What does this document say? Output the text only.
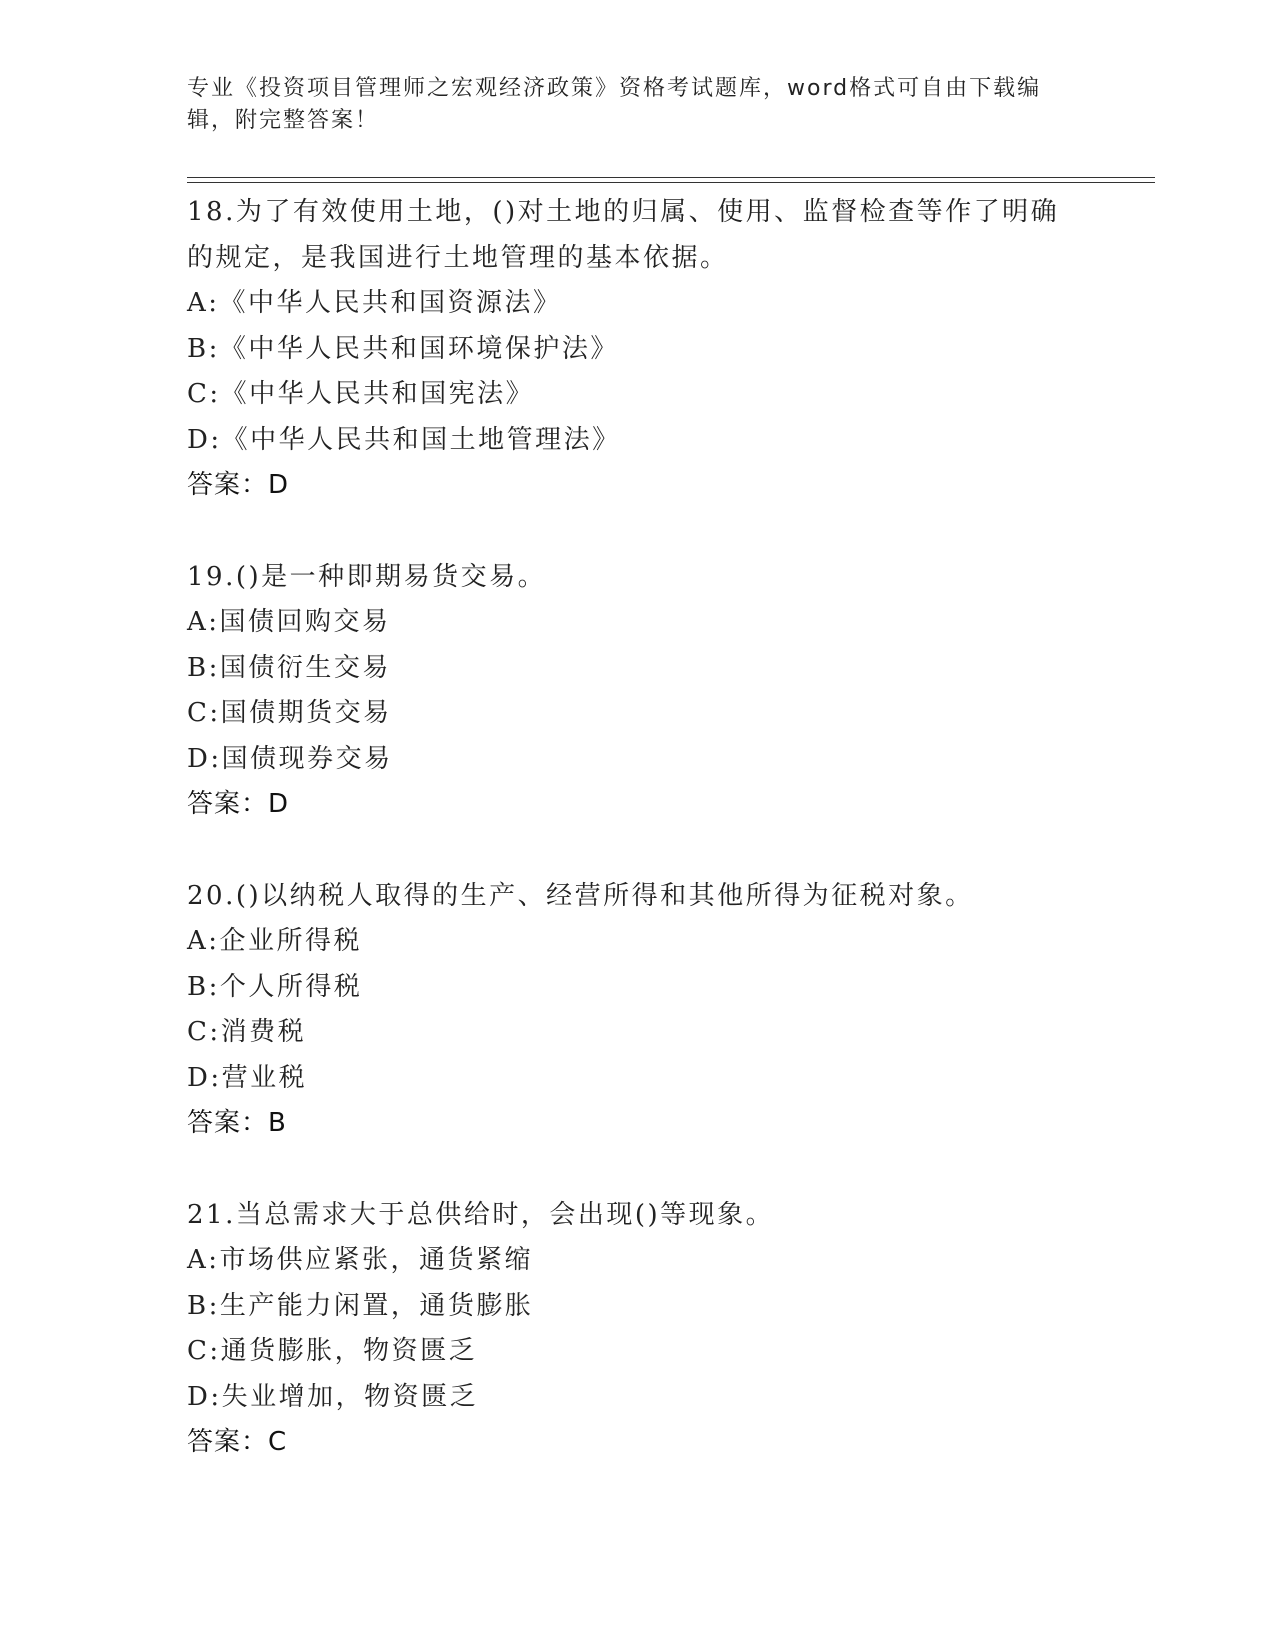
专业《投资项目管理师之宏观经济政策》资格考试题库，word格式可自由下载编辑，附完整答案！

18.为了有效使用土地，()对土地的归属、使用、监督检查等作了明确的规定，是我国进行土地管理的基本依据。

A:《中华人民共和国资源法》

B:《中华人民共和国环境保护法》

C:《中华人民共和国宪法》

D:《中华人民共和国土地管理法》

答案：D

19.()是一种即期易货交易。

A:国债回购交易

B:国债衍生交易

C:国债期货交易

D:国债现券交易

答案：D

20.()以纳税人取得的生产、经营所得和其他所得为征税对象。

A:企业所得税

B:个人所得税

C:消费税

D:营业税

答案：B

21.当总需求大于总供给时，会出现()等现象。

A:市场供应紧张，通货紧缩

B:生产能力闲置，通货膨胀

C:通货膨胀，物资匮乏

D:失业增加，物资匮乏

答案：C
